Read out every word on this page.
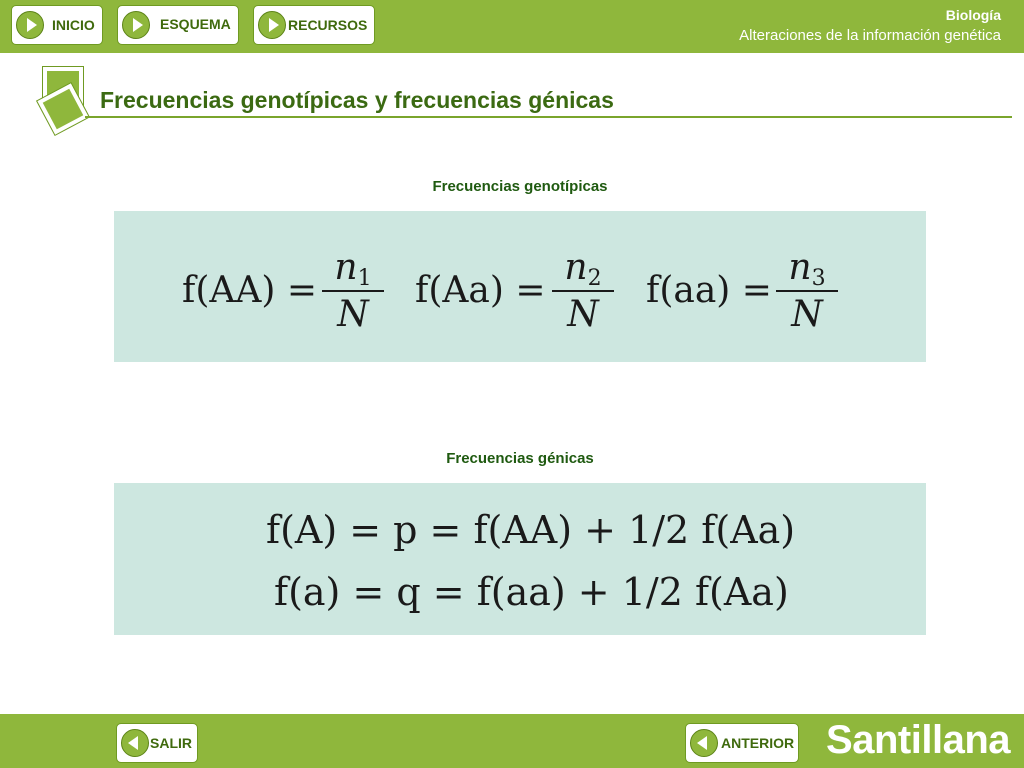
INICIO	ESQUEMA	RECURSOS
Biología
Alteraciones de la información genética
Frecuencias genotípicas y frecuencias génicas
Frecuencias genotípicas
f(AA) =
$n_1$
N
f(Aa) =
$n_2$
N
f(aa) =
$n_3$
N
Frecuencias génicas
f(A) = p = f(AA) + 1/2 f(Aa)
f(a) = q = f(aa) + 1/2 f(Aa)
SALIR	ANTERIOR Santillana
